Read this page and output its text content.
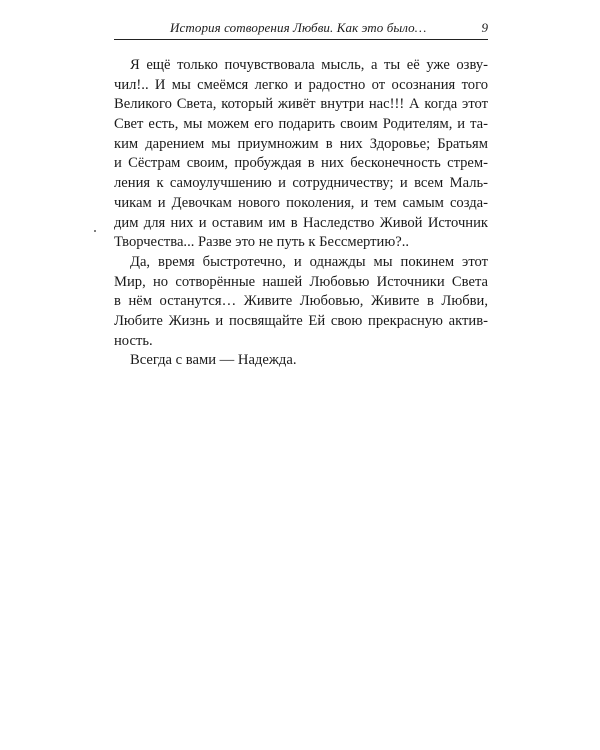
История сотворения Любви. Как это было…	9
Я ещё только почувствовала мысль, а ты её уже озву-
чил!.. И мы смеёмся легко и радостно от осознания того
Великого Света, который живёт внутри нас!!! А когда этот
Свет есть, мы можем его подарить своим Родителям, и та-
ким дарением мы приумножим в них Здоровье; Братьям
и Сёстрам своим, пробуждая в них бесконечность стрем-
ления к самоулучшению и сотрудничеству; и всем Маль-
чикам и Девочкам нового поколения, и тем самым созда-
дим для них и оставим им в Наследство Живой Источник
Творчества... Разве это не путь к Бессмертию?..
Да, время быстротечно, и однажды мы покинем этот
Мир, но сотворённые нашей Любовью Источники Света
в нём останутся… Живите Любовью, Живите в Любви,
Любите Жизнь и посвящайте Ей свою прекрасную актив-
ность.
Всегда с вами — Надежда.
